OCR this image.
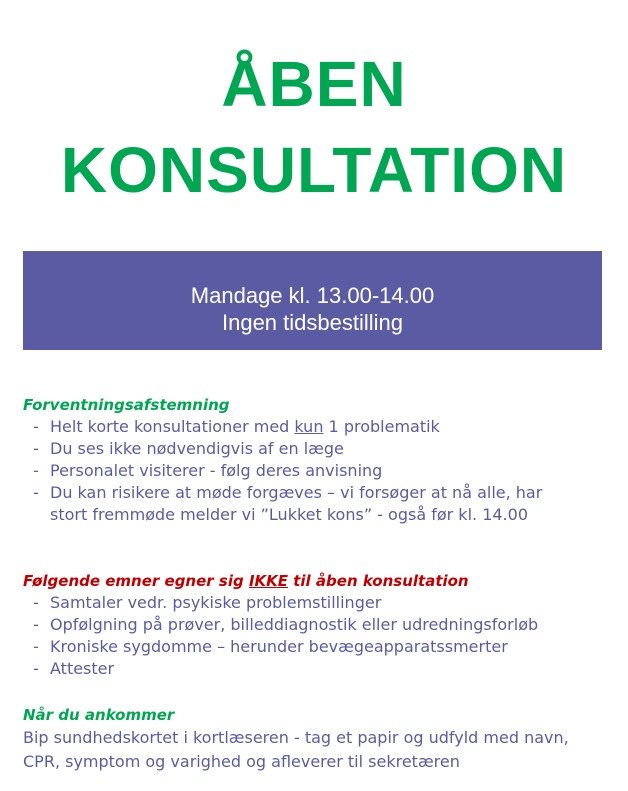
ÅBEN
KONSULTATION
Mandage kl. 13.00-14.00
Ingen tidsbestilling
Forventningsafstemning
- Helt korte konsultationer med kun 1 problematik
- Du ses ikke nødvendigvis af en læge
- Personalet visiterer - følg deres anvisning
- Du kan risikere at møde forgæves – vi forsøger at nå alle, har stort fremmøde melder vi ”Lukket kons” - også før kl. 14.00
Følgende emner egner sig IKKE til åben konsultation
- Samtaler vedr. psykiske problemstillinger
- Opfølgning på prøver, billeddiagnostik eller udredningsforløb
- Kroniske sygdomme – herunder bevægeapparatssmerter
- Attester
Når du ankommer
Bip sundhedskortet i kortlæseren - tag et papir og udfyld med navn, CPR, symptom og varighed og afleverer til sekretæren
